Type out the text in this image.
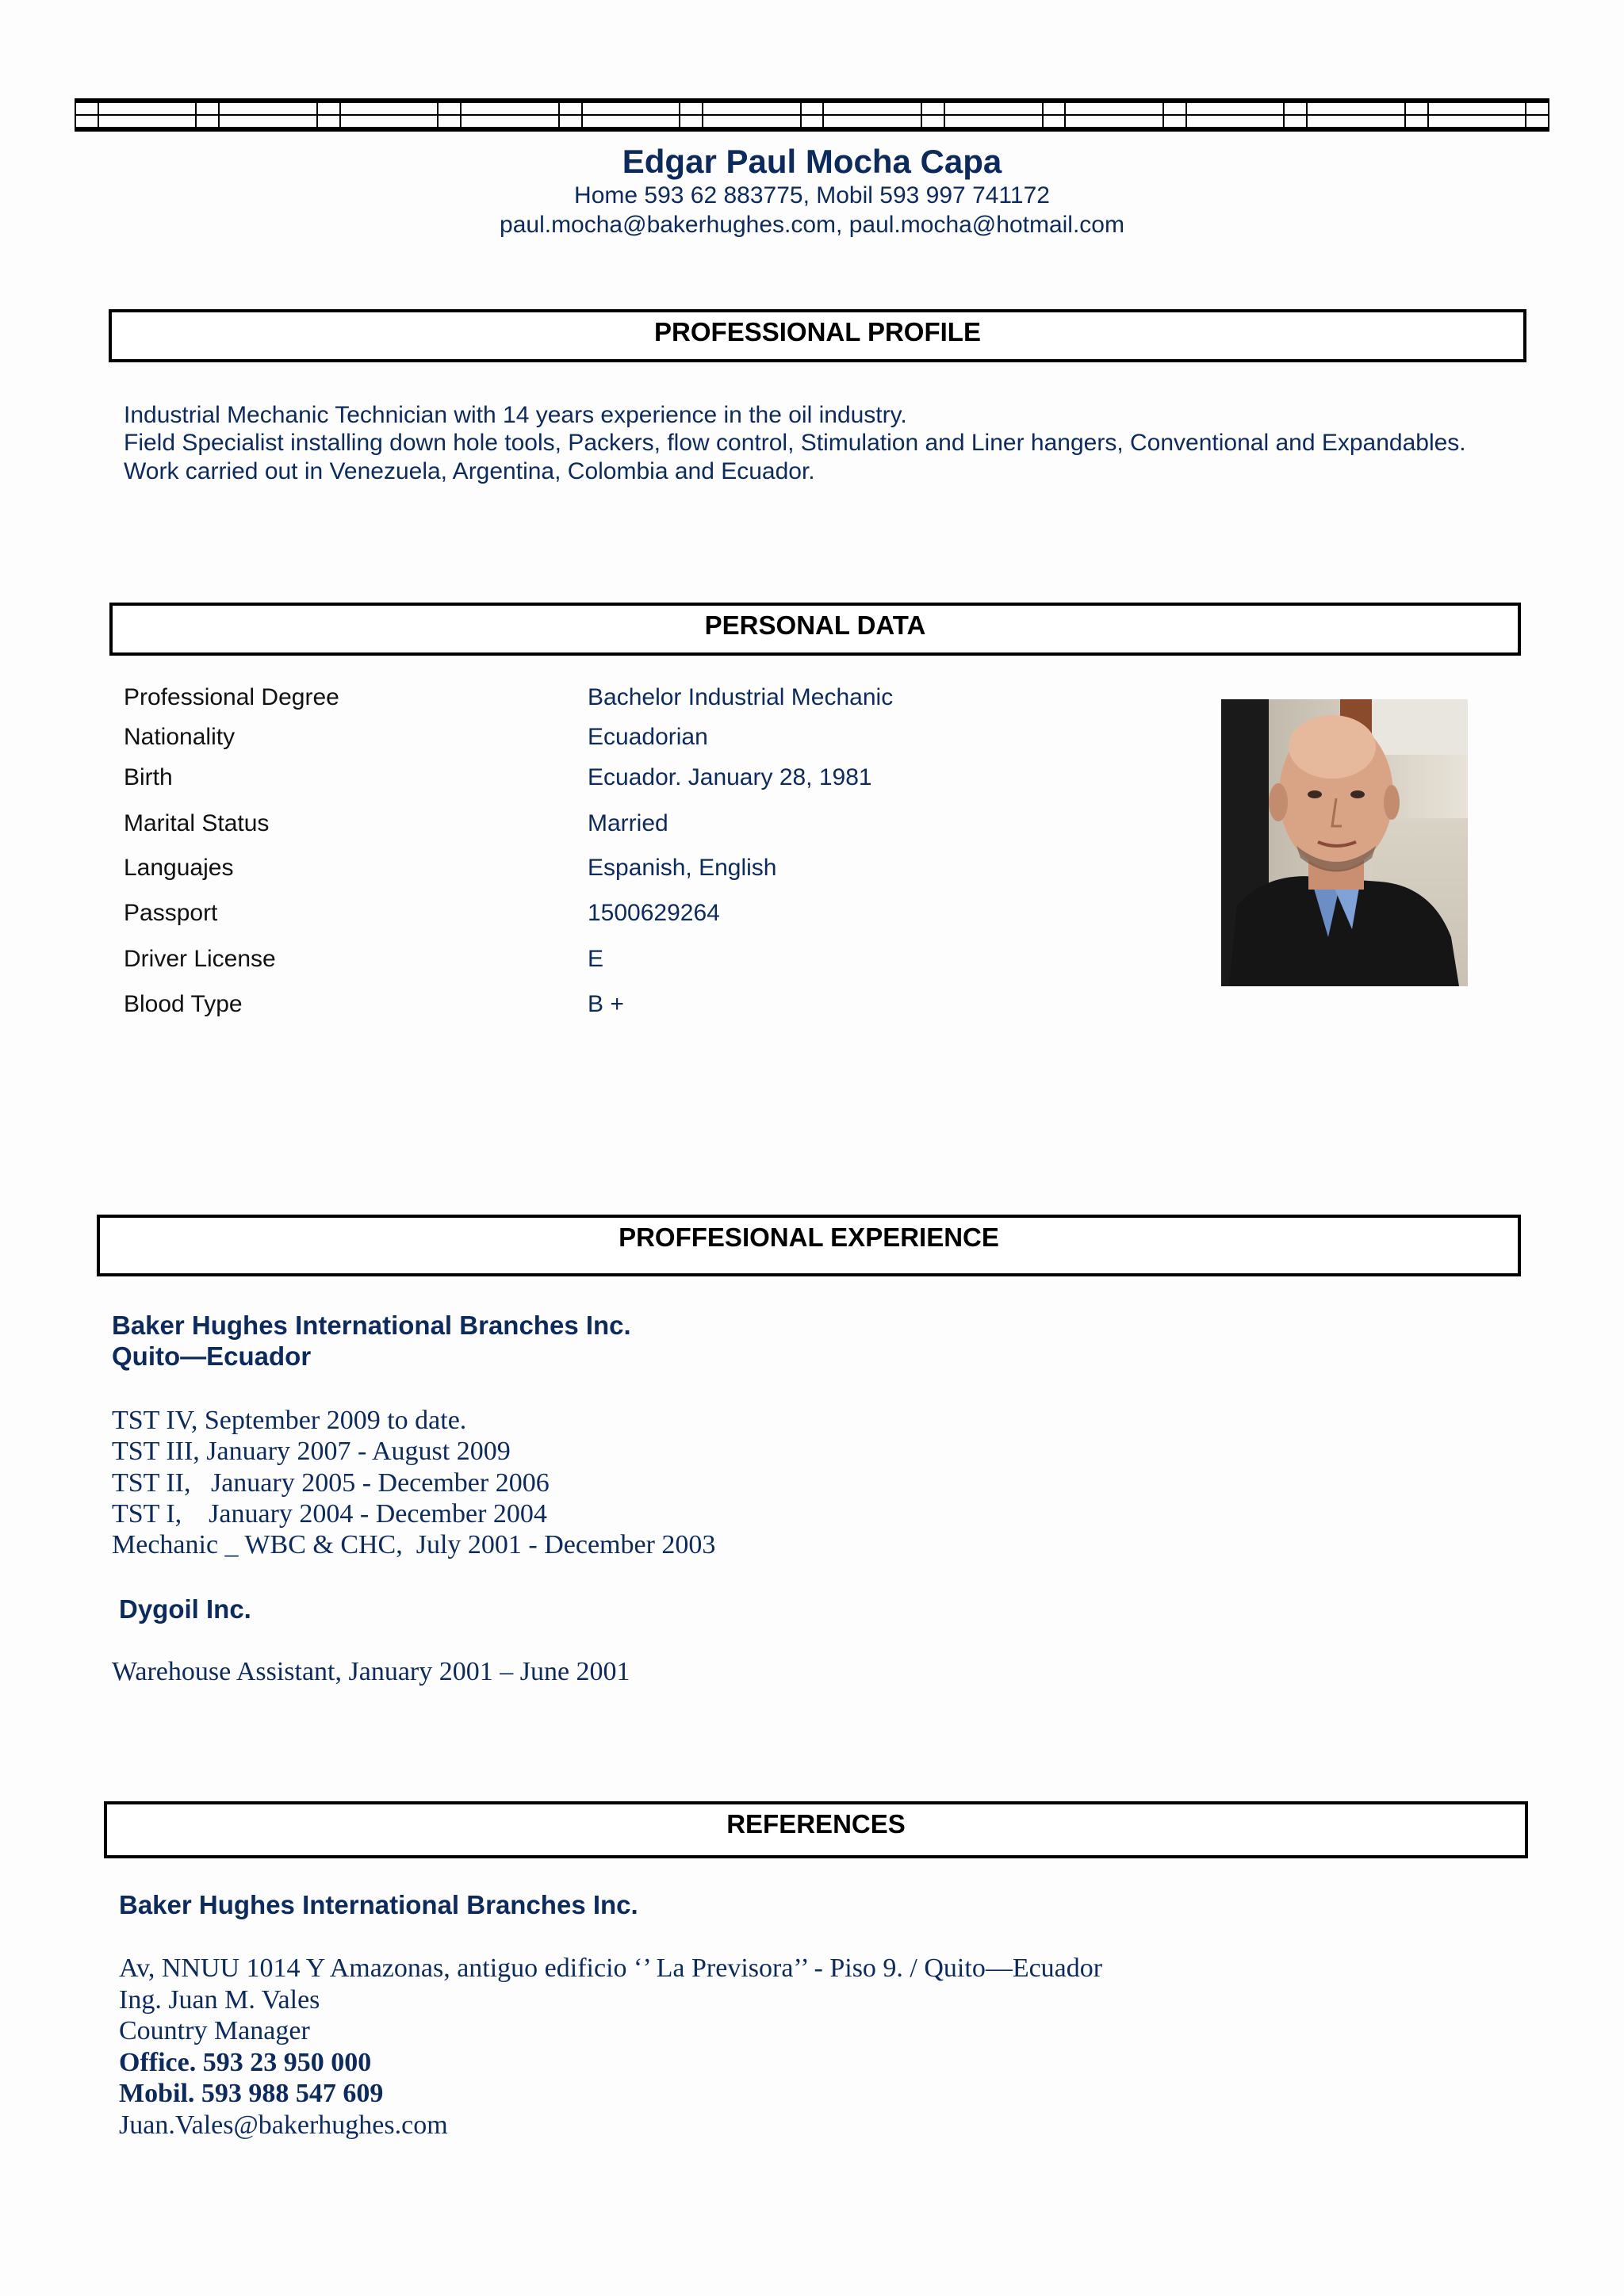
Edgar Paul Mocha Capa
Home 593 62 883775, Mobil 593 997 741172
paul.mocha@bakerhughes.com, paul.mocha@hotmail.com
PROFESSIONAL PROFILE
Industrial Mechanic Technician with 14 years experience in the oil industry.
Field Specialist installing down hole tools, Packers, flow control, Stimulation and Liner hangers, Conventional and Expandables.
Work carried out in Venezuela, Argentina, Colombia and Ecuador.
PERSONAL DATA
Professional Degree	Bachelor Industrial Mechanic
Nationality	Ecuadorian
Birth	Ecuador. January 28, 1981
Marital Status	Married
Languajes	Espanish, English
Passport	1500629264
Driver License	E
Blood Type	B +
PROFFESIONAL EXPERIENCE
Baker Hughes International Branches Inc.
Quito—Ecuador
TST IV, September 2009 to date.
TST III, January 2007 - August 2009
TST II,   January 2005 - December 2006
TST I,    January 2004 - December 2004
Mechanic _ WBC & CHC,  July 2001 - December 2003
Dygoil Inc.
Warehouse Assistant, January 2001 – June 2001
REFERENCES
Baker Hughes International Branches Inc.
Av, NNUU 1014 Y Amazonas, antiguo edificio ‘’ La Previsora’’ - Piso 9. / Quito—Ecuador
Ing. Juan M. Vales
Country Manager
Office. 593 23 950 000
Mobil. 593 988 547 609
Juan.Vales@bakerhughes.com
